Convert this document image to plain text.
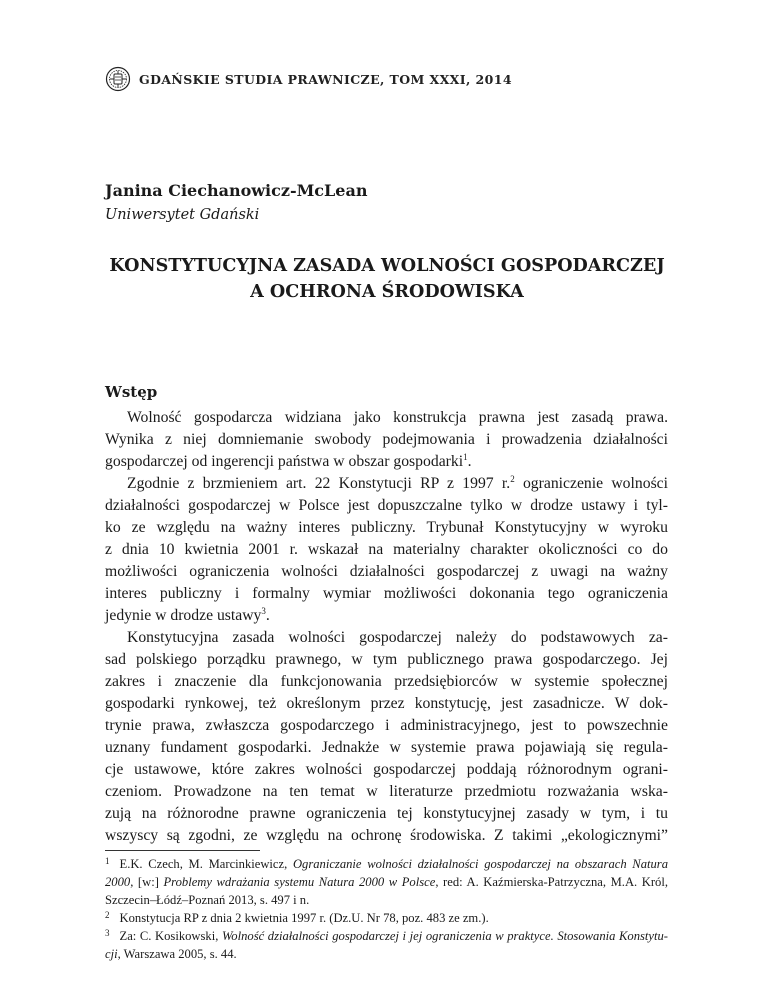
GDAŃSKIE STUDIA PRAWNICZE, TOM XXXI, 2014
Janina Ciechanowicz-McLean
Uniwersytet Gdański
KONSTYTUCYJNA ZASADA WOLNOŚCI GOSPODARCZEJ
A OCHRONA ŚRODOWISKA
Wstęp
Wolność gospodarcza widziana jako konstrukcja prawna jest zasadą prawa.
Wynika z niej domniemanie swobody podejmowania i prowadzenia działalności
gospodarczej od ingerencji państwa w obszar gospodarki$^1$.
Zgodnie z brzmieniem art. 22 Konstytucji RP z 1997 r.$^2$ ograniczenie wolności
działalności gospodarczej w Polsce jest dopuszczalne tylko w drodze ustawy i tyl-
ko ze względu na ważny interes publiczny. Trybunał Konstytucyjny w wyroku
z dnia 10 kwietnia 2001 r. wskazał na materialny charakter okoliczności co do
możliwości ograniczenia wolności działalności gospodarczej z uwagi na ważny
interes publiczny i formalny wymiar możliwości dokonania tego ograniczenia
jedynie w drodze ustawy$^3$.
Konstytucyjna zasada wolności gospodarczej należy do podstawowych za-
sad polskiego porządku prawnego, w tym publicznego prawa gospodarczego. Jej
zakres i znaczenie dla funkcjonowania przedsiębiorców w systemie społecznej
gospodarki rynkowej, też określonym przez konstytucję, jest zasadnicze. W dok-
trynie prawa, zwłaszcza gospodarczego i administracyjnego, jest to powszechnie
uznany fundament gospodarki. Jednakże w systemie prawa pojawiają się regula-
cje ustawowe, które zakres wolności gospodarczej poddają różnorodnym ograni-
czeniom. Prowadzone na ten temat w literaturze przedmiotu rozważania wska-
zują na różnorodne prawne ograniczenia tej konstytucyjnej zasady w tym, i tu
wszyscy są zgodni, ze względu na ochronę środowiska. Z takimi „ekologicznymi”
$^1$ E.K. Czech, M. Marcinkiewicz, Ograniczanie wolności działalności gospodarczej na obszarach Natura
2000, [w:] Problemy wdrażania systemu Natura 2000 w Polsce, red: A. Kaźmierska-Patrzyczna, M.A. Król,
Szczecin–Łódź–Poznań 2013, s. 497 i n.
$^2$ Konstytucja RP z dnia 2 kwietnia 1997 r. (Dz.U. Nr 78, poz. 483 ze zm.).
$^3$ Za: C. Kosikowski, Wolność działalności gospodarczej i jej ograniczenia w praktyce. Stosowania Konstytu-
cji, Warszawa 2005, s. 44.
